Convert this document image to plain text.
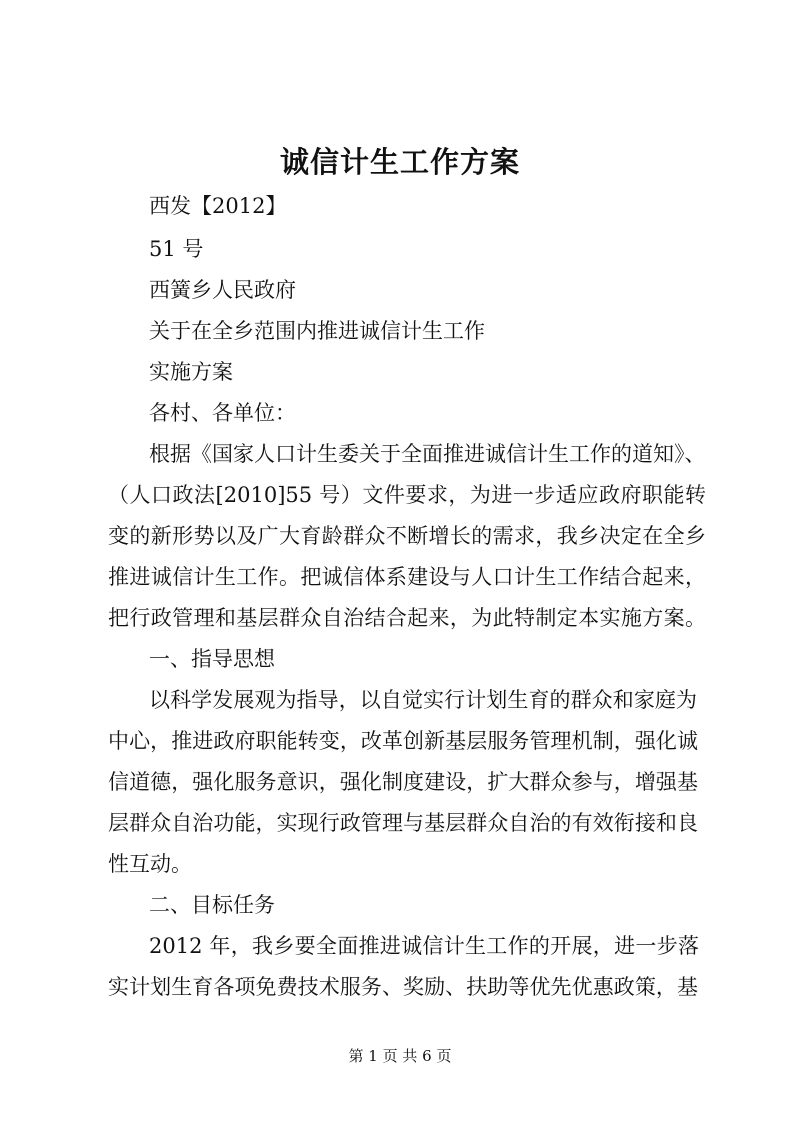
诚信计生工作方案
西发【2012】
51 号
西簧乡人民政府
关于在全乡范围内推进诚信计生工作
实施方案
各村、各单位：
根据《国家人口计生委关于全面推进诚信计生工作的道知》、
（人口政法[2010]55 号）文件要求，为进一步适应政府职能转
变的新形势以及广大育龄群众不断增长的需求，我乡决定在全乡
推进诚信计生工作。把诚信体系建设与人口计生工作结合起来，
把行政管理和基层群众自治结合起来，为此特制定本实施方案。
一、指导思想
以科学发展观为指导，以自觉实行计划生育的群众和家庭为
中心，推进政府职能转变，改革创新基层服务管理机制，强化诚
信道德，强化服务意识，强化制度建设，扩大群众参与，增强基
层群众自治功能，实现行政管理与基层群众自治的有效衔接和良
性互动。
二、目标任务
2012 年，我乡要全面推进诚信计生工作的开展，进一步落
实计划生育各项免费技术服务、奖励、扶助等优先优惠政策，基
第 1 页 共 6 页
